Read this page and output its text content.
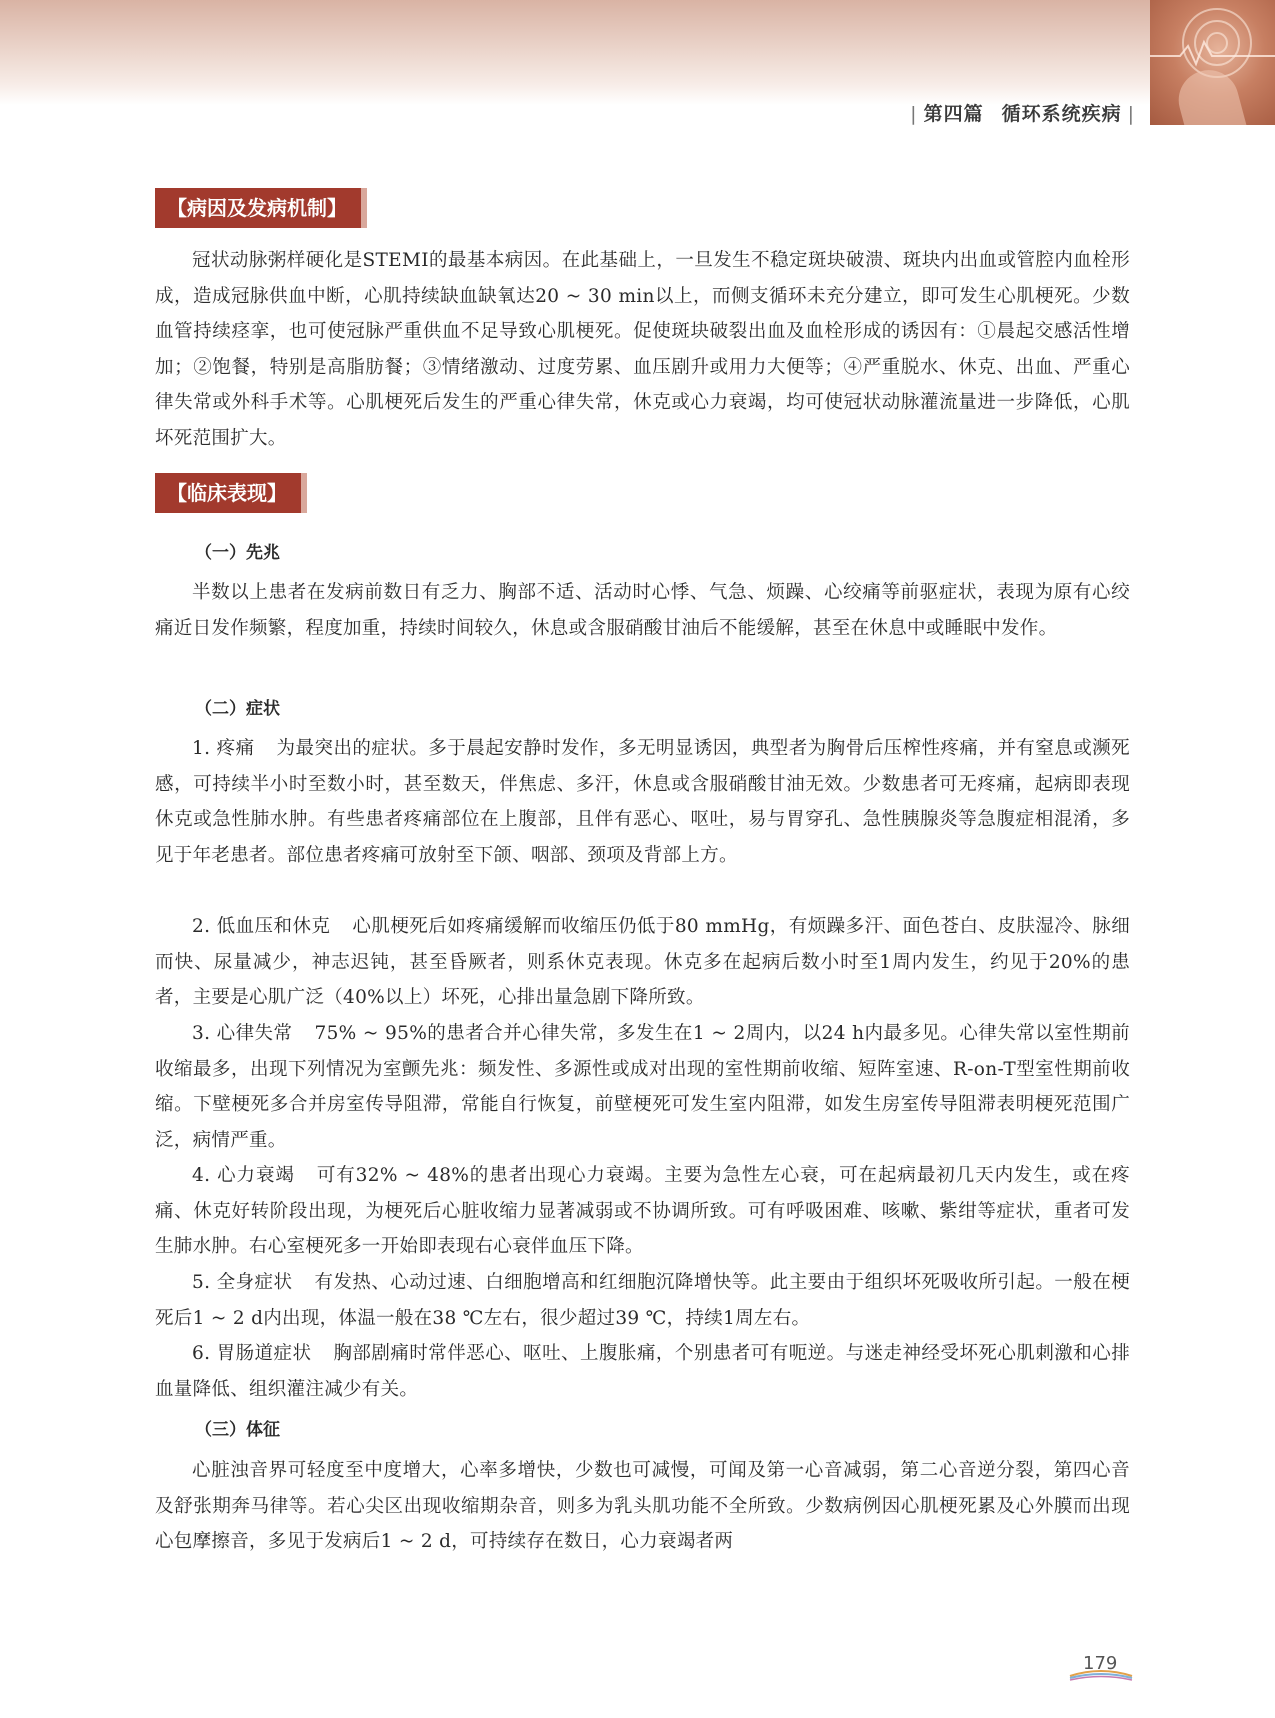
| 第四篇 循环系统疾病 |
【病因及发病机制】

冠状动脉粥样硬化是STEMI的最基本病因。在此基础上，一旦发生不稳定斑块破溃、斑块内出血或管腔内血栓形成，造成冠脉供血中断，心肌持续缺血缺氧达20 ~ 30 min以上，而侧支循环未充分建立，即可发生心肌梗死。少数血管持续痉挛，也可使冠脉严重供血不足导致心肌梗死。促使斑块破裂出血及血栓形成的诱因有：①晨起交感活性增加；②饱餐，特别是高脂肪餐；③情绪激动、过度劳累、血压剧升或用力大便等；④严重脱水、休克、出血、严重心律失常或外科手术等。心肌梗死后发生的严重心律失常，休克或心力衰竭，均可使冠状动脉灌流量进一步降低，心肌坏死范围扩大。

【临床表现】
（一）先兆

半数以上患者在发病前数日有乏力、胸部不适、活动时心悸、气急、烦躁、心绞痛等前驱症状，表现为原有心绞痛近日发作频繁，程度加重，持续时间较久，休息或含服硝酸甘油后不能缓解，甚至在休息中或睡眠中发作。

（二）症状

1. 疼痛 为最突出的症状。多于晨起安静时发作，多无明显诱因，典型者为胸骨后压榨性疼痛，并有窒息或濒死感，可持续半小时至数小时，甚至数天，伴焦虑、多汗，休息或含服硝酸甘油无效。少数患者可无疼痛，起病即表现休克或急性肺水肿。有些患者疼痛部位在上腹部，且伴有恶心、呕吐，易与胃穿孔、急性胰腺炎等急腹症相混淆，多见于年老患者。部位患者疼痛可放射至下颌、咽部、颈项及背部上方。

2. 低血压和休克 心肌梗死后如疼痛缓解而收缩压仍低于80 mmHg，有烦躁多汗、面色苍白、皮肤湿冷、脉细而快、尿量减少，神志迟钝，甚至昏厥者，则系休克表现。休克多在起病后数小时至1周内发生，约见于20%的患者，主要是心肌广泛（40%以上）坏死，心排出量急剧下降所致。

3. 心律失常 75% ~ 95%的患者合并心律失常，多发生在1 ~ 2周内，以24 h内最多见。心律失常以室性期前收缩最多，出现下列情况为室颤先兆：频发性、多源性或成对出现的室性期前收缩、短阵室速、R-on-T型室性期前收缩。下壁梗死多合并房室传导阻滞，常能自行恢复，前壁梗死可发生室内阻滞，如发生房室传导阻滞表明梗死范围广泛，病情严重。

4. 心力衰竭 可有32% ~ 48%的患者出现心力衰竭。主要为急性左心衰，可在起病最初几天内发生，或在疼痛、休克好转阶段出现，为梗死后心脏收缩力显著减弱或不协调所致。可有呼吸困难、咳嗽、紫绀等症状，重者可发生肺水肿。右心室梗死多一开始即表现右心衰伴血压下降。

5. 全身症状 有发热、心动过速、白细胞增高和红细胞沉降增快等。此主要由于组织坏死吸收所引起。一般在梗死后1 ~ 2 d内出现，体温一般在38 ℃左右，很少超过39 ℃，持续1周左右。

6. 胃肠道症状 胸部剧痛时常伴恶心、呕吐、上腹胀痛，个别患者可有呃逆。与迷走神经受坏死心肌刺激和心排血量降低、组织灌注减少有关。

（三）体征

心脏浊音界可轻度至中度增大，心率多增快，少数也可减慢，可闻及第一心音减弱，第二心音逆分裂，第四心音及舒张期奔马律等。若心尖区出现收缩期杂音，则多为乳头肌功能不全所致。少数病例因心肌梗死累及心外膜而出现心包摩擦音，多见于发病后1 ~ 2 d，可持续存在数日，心力衰竭者两

179
